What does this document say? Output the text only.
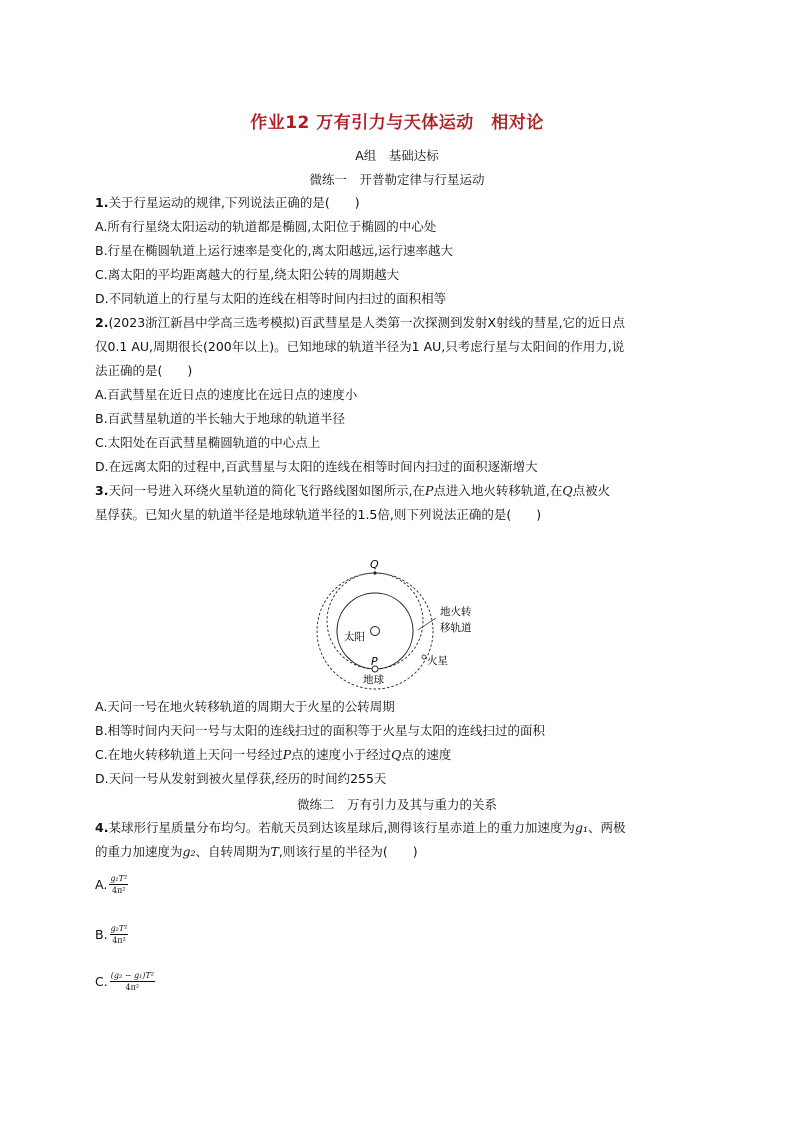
作业12 万有引力与天体运动　相对论
A组　基础达标
微练一　开普勒定律与行星运动
1.关于行星运动的规律,下列说法正确的是(　　)
A.所有行星绕太阳运动的轨道都是椭圆,太阳位于椭圆的中心处
B.行星在椭圆轨道上运行速率是变化的,离太阳越远,运行速率越大
C.离太阳的平均距离越大的行星,绕太阳公转的周期越大
D.不同轨道上的行星与太阳的连线在相等时间内扫过的面积相等
2.(2023浙江新昌中学高三选考模拟)百武彗星是人类第一次探测到发射X射线的彗星,它的近日点
仅0.1 AU,周期很长(200年以上)。已知地球的轨道半径为1 AU,只考虑行星与太阳间的作用力,说
法正确的是(　　)
A.百武彗星在近日点的速度比在远日点的速度小
B.百武彗星轨道的半长轴大于地球的轨道半径
C.太阳处在百武彗星椭圆轨道的中心点上
D.在远离太阳的过程中,百武彗星与太阳的连线在相等时间内扫过的面积逐渐增大
3.天问一号进入环绕火星轨道的简化飞行路线图如图所示,在P点进入地火转移轨道,在Q点被火
星俘获。已知火星的轨道半径是地球轨道半径的1.5倍,则下列说法正确的是(　　)
Q
P
太阳
地球
火星
地火转
移轨道
A.天问一号在地火转移轨道的周期大于火星的公转周期
B.相等时间内天问一号与太阳的连线扫过的面积等于火星与太阳的连线扫过的面积
C.在地火转移轨道上天问一号经过P点的速度小于经过Q点的速度
D.天问一号从发射到被火星俘获,经历的时间约255天
微练二　万有引力及其与重力的关系
4.某球形行星质量分布均匀。若航天员到达该星球后,测得该行星赤道上的重力加速度为g₁、两极
的重力加速度为g₂、自转周期为T,则该行星的半径为(　　)
A. $\frac{\text{g₁T²}}{\text{4π²}}$
B. $\frac{\text{g₂T²}}{\text{4π²}}$
C. $\frac{\text{(g₂ − g₁)T²}}{\text{4π²}}$
